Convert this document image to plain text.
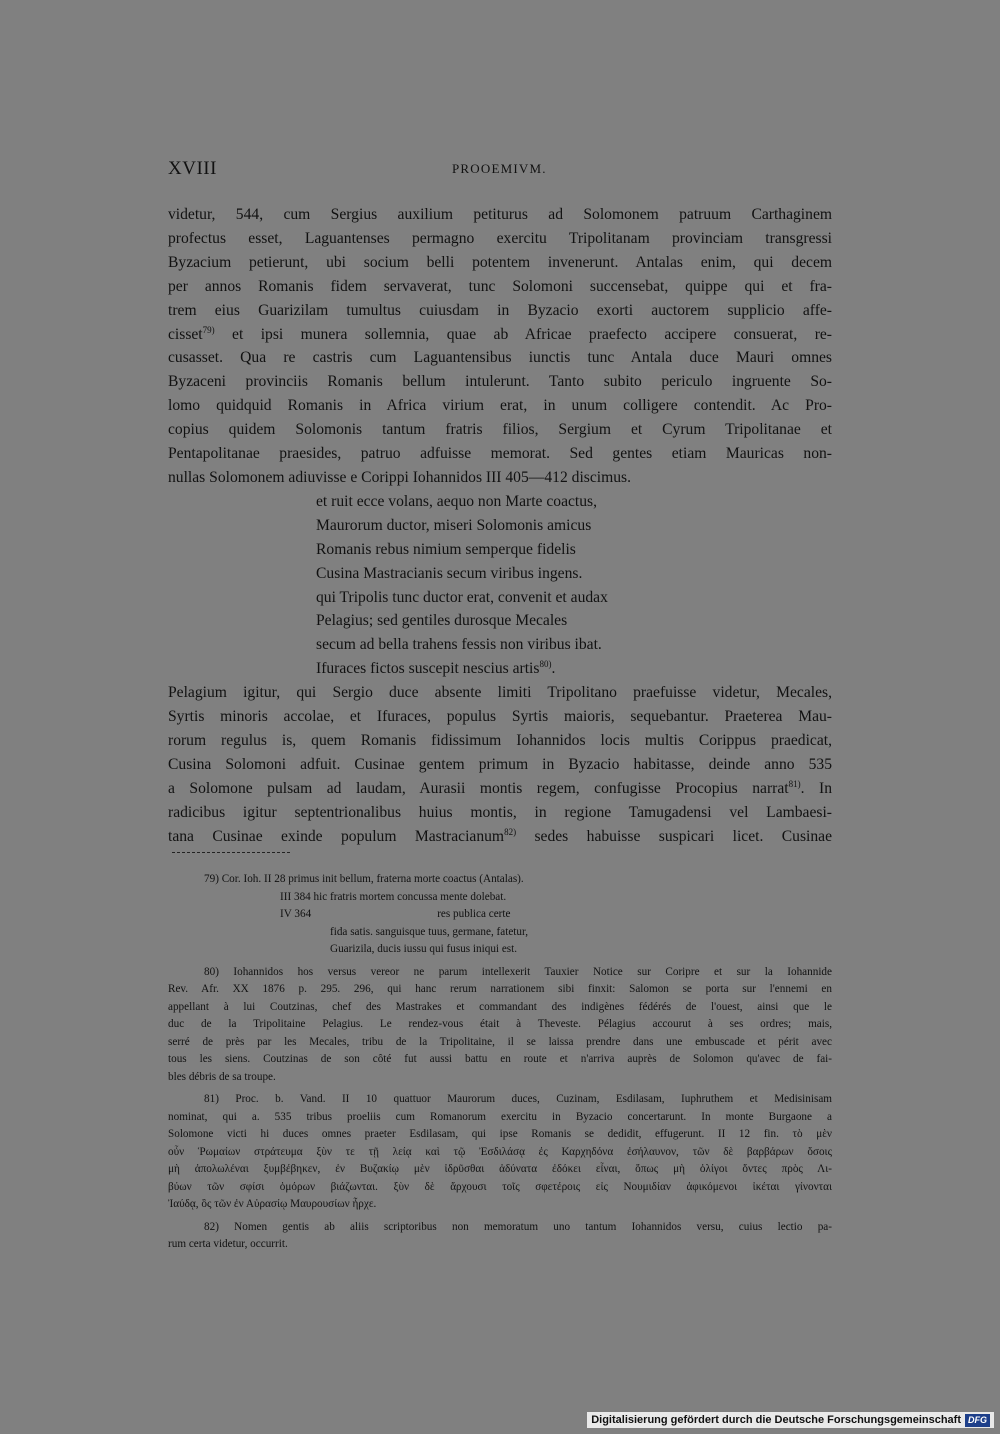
XVIII	PROOEMIVM.
videtur, 544, cum Sergius auxilium petiturus ad Solomonem patruum Carthaginem
profectus esset, Laguantenses permagno exercitu Tripolitanam provinciam transgressi
Byzacium petierunt, ubi socium belli potentem invenerunt. Antalas enim, qui decem
per annos Romanis fidem servaverat, tunc Solomoni succensebat, quippe qui et fra-
trem eius Guarizilam tumultus cuiusdam in Byzacio exorti auctorem supplicio affe-
cisset$^{79)}$ et ipsi munera sollemnia, quae ab Africae praefecto accipere consuerat, re-
cusasset. Qua re castris cum Laguantensibus iunctis tunc Antala duce Mauri omnes
Byzaceni provinciis Romanis bellum intulerunt. Tanto subito periculo ingruente So-
lomo quidquid Romanis in Africa virium erat, in unum colligere contendit. Ac Pro-
copius quidem Solomonis tantum fratris filios, Sergium et Cyrum Tripolitanae et
Pentapolitanae praesides, patruo adfuisse memorat. Sed gentes etiam Mauricas non-
nullas Solomonem adiuvisse e Corippi Iohannidos III 405—412 discimus.
et ruit ecce volans, aequo non Marte coactus,
Maurorum ductor, miseri Solomonis amicus
Romanis rebus nimium semperque fidelis
Cusina Mastracianis secum viribus ingens.
qui Tripolis tunc ductor erat, convenit et audax
Pelagius; sed gentiles durosque Mecales
secum ad bella trahens fessis non viribus ibat.
Ifuraces fictos suscepit nescius artis$^{80)}$.
Pelagium igitur, qui Sergio duce absente limiti Tripolitano praefuisse videtur, Mecales,
Syrtis minoris accolae, et Ifuraces, populus Syrtis maioris, sequebantur. Praeterea Mau-
rorum regulus is, quem Romanis fidissimum Iohannidos locis multis Corippus praedicat,
Cusina Solomoni adfuit. Cusinae gentem primum in Byzacio habitasse, deinde anno 535
a Solomone pulsam ad laudam, Aurasii montis regem, confugisse Procopius narrat$^{81)}$. In
radicibus igitur septentrionalibus huius montis, in regione Tamugadensi vel Lambaesi-
tana Cusinae exinde populum Mastracianum$^{82)}$ sedes habuisse suspicari licet. Cusinae
79) Cor. Ioh. II 28 primus init bellum, fraterna morte coactus (Antalas).
III 384 hic fratris mortem concussa mente dolebat.
IV 364	res publica certe
fida satis. sanguisque tuus, germane, fatetur,
Guarizila, ducis iussu qui fusus iniqui est.
80) Iohannidos hos versus vereor ne parum intellexerit Tauxier Notice sur Coripre et sur la Iohannide
Rev. Afr. XX 1876 p. 295. 296, qui hanc rerum narrationem sibi finxit: Salomon se porta sur l'ennemi en
appellant à lui Coutzinas, chef des Mastrakes et commandant des indigènes fédérés de l'ouest, ainsi que le
duc de la Tripolitaine Pelagius. Le rendez-vous était à Theveste. Pélagius accourut à ses ordres; mais,
serré de près par les Mecales, tribu de la Tripolitaine, il se laissa prendre dans une embuscade et périt avec
tous les siens. Coutzinas de son côté fut aussi battu en route et n'arriva auprès de Solomon qu'avec de fai-
bles débris de sa troupe.
81) Proc. b. Vand. II 10 quattuor Maurorum duces, Cuzinam, Esdilasam, Iuphruthem et Medisinisam
nominat, qui a. 535 tribus proeliis cum Romanorum exercitu in Byzacio concertarunt. In monte Burgaone a
Solomone victi hi duces omnes praeter Esdilasam, qui ipse Romanis se dedidit, effugerunt. II 12 fin. τὸ μὲν
οὖν Ῥωμαίων στράτευμα ξὺν τε τῇ λείᾳ καὶ τῷ Ἐσδιλάσᾳ ἐς Καρχηδόνα ἐσήλαυνον, τῶν δὲ βαρβάρων ὅσοις
μὴ ἀπολωλέναι ξυμβέβηκεν, ἐν Βυζακίῳ μὲν ἱδρῦσθαι ἀδύνατα ἐδόκει εἶναι, ὅπως μὴ ὀλίγοι ὄντες πρὸς Λι-
βύων τῶν σφίσι ὁμόρων βιάζωνται. ξὺν δὲ ἄρχουσι τοῖς σφετέροις εἰς Νουμιδίαν ἀφικόμενοι ἱκέται γίνονται
Ἰαύδᾳ, ὃς τῶν ἐν Αὐρασίῳ Μαυρουσίων ἦρχε.
82) Nomen gentis ab aliis scriptoribus non memoratum uno tantum Iohannidos versu, cuius lectio pa-
rum certa videtur, occurrit.
Digitalisierung gefördert durch die Deutsche Forschungsgemeinschaft DFG
